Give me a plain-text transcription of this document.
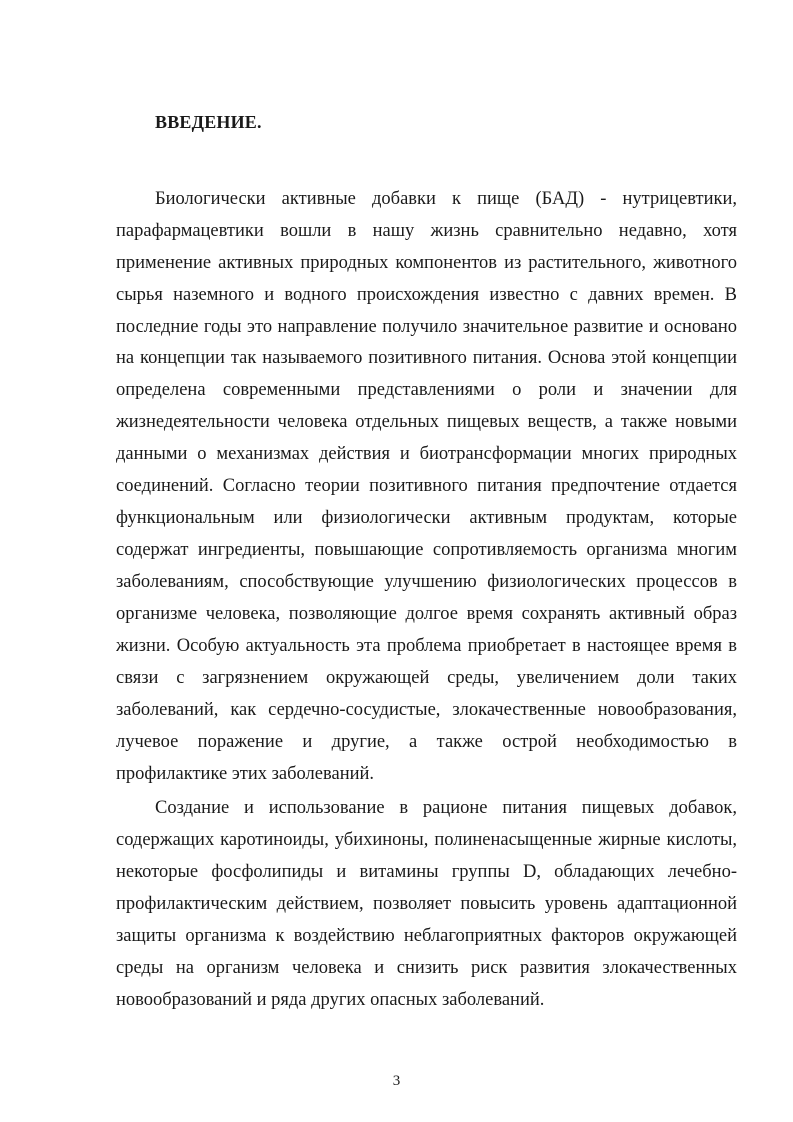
ВВЕДЕНИЕ.
Биологически активные добавки к пище (БАД) - нутрицевтики,
парафармацевтики вошли в нашу жизнь сравнительно недавно, хотя
применение активных природных компонентов из растительного, животного
сырья наземного и водного происхождения известно с давних времен. В
последние годы это направление получило значительное развитие и основано
на концепции так называемого позитивного питания. Основа этой концепции
определена современными представлениями о роли и значении для
жизнедеятельности человека отдельных пищевых веществ, а также новыми
данными о механизмах действия и биотрансформации многих природных
соединений. Согласно теории позитивного питания предпочтение отдается
функциональным или физиологически активным продуктам, которые
содержат ингредиенты, повышающие сопротивляемость организма многим
заболеваниям, способствующие улучшению физиологических процессов в
организме человека, позволяющие долгое время сохранять активный образ
жизни. Особую актуальность эта проблема приобретает в настоящее время в
связи с загрязнением окружающей среды, увеличением доли таких
заболеваний, как сердечно-сосудистые, злокачественные новообразования,
лучевое поражение и другие, а также острой необходимостью в
профилактике этих заболеваний.
Создание и использование в рационе питания пищевых добавок,
содержащих каротиноиды, убихиноны, полиненасыщенные жирные кислоты,
некоторые фосфолипиды и витамины группы D, обладающих лечебно-
профилактическим действием, позволяет повысить уровень адаптационной
защиты организма к воздействию неблагоприятных факторов окружающей
среды на организм человека и снизить риск развития злокачественных
новообразований и ряда других опасных заболеваний.
3
